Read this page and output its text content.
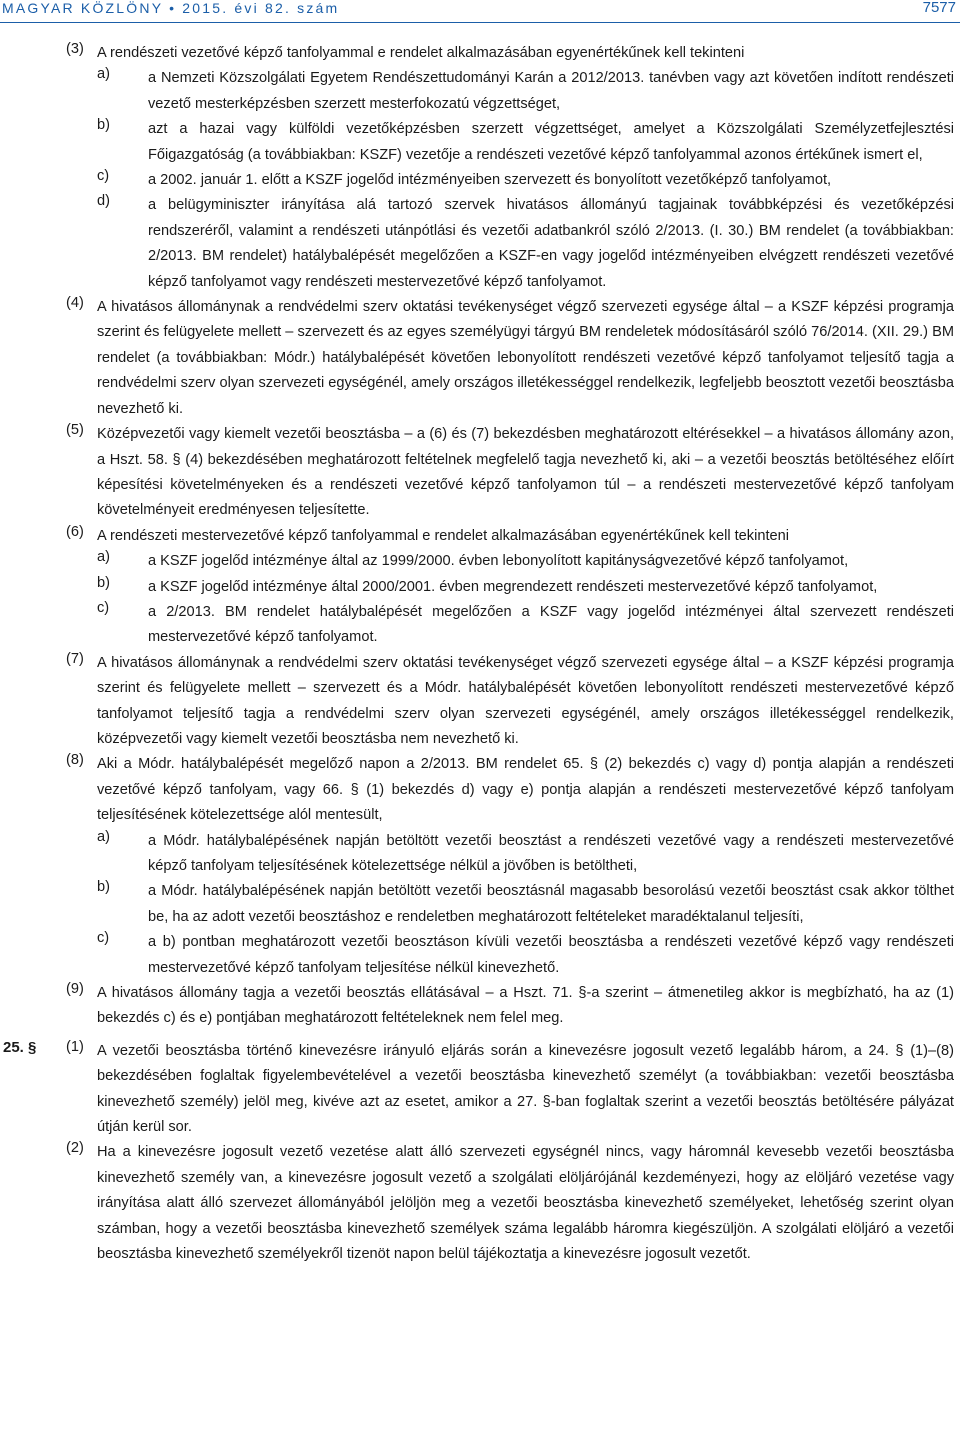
MAGYAR KÖZLÖNY • 2015. évi 82. szám	7577
(3) A rendészeti vezetővé képző tanfolyammal e rendelet alkalmazásában egyenértékűnek kell tekinteni
a)	a Nemzeti Közszolgálati Egyetem Rendészettudományi Karán a 2012/2013. tanévben vagy azt követően indított rendészeti vezető mesterképzésben szerzett mesterfokozatú végzettséget,
b)	azt a hazai vagy külföldi vezetőképzésben szerzett végzettséget, amelyet a Közszolgálati Személyzetfejlesztési Főigazgatóság (a továbbiakban: KSZF) vezetője a rendészeti vezetővé képző tanfolyammal azonos értékűnek ismert el,
c)	a 2002. január 1. előtt a KSZF jogelőd intézményeiben szervezett és bonyolított vezetőképző tanfolyamot,
d)	a belügyminiszter irányítása alá tartozó szervek hivatásos állományú tagjainak továbbképzési és vezetőképzési rendszeréről, valamint a rendészeti utánpótlási és vezetői adatbankról szóló 2/2013. (I. 30.) BM rendelet (a továbbiakban: 2/2013. BM rendelet) hatálybalépését megelőzően a KSZF-en vagy jogelőd intézményeiben elvégzett rendészeti vezetővé képző tanfolyamot vagy rendészeti mestervezetővé képző tanfolyamot.
(4) A hivatásos állománynak a rendvédelmi szerv oktatási tevékenységet végző szervezeti egysége által – a KSZF képzési programja szerint és felügyelete mellett – szervezett és az egyes személyügyi tárgyú BM rendeletek módosításáról szóló 76/2014. (XII. 29.) BM rendelet (a továbbiakban: Módr.) hatálybalépését követően lebonyolított rendészeti vezetővé képző tanfolyamot teljesítő tagja a rendvédelmi szerv olyan szervezeti egységénél, amely országos illetékességgel rendelkezik, legfeljebb beosztott vezetői beosztásba nevezhető ki.
(5) Középvezetői vagy kiemelt vezetői beosztásba – a (6) és (7) bekezdésben meghatározott eltérésekkel – a hivatásos állomány azon, a Hszt. 58. § (4) bekezdésében meghatározott feltételnek megfelelő tagja nevezhető ki, aki – a vezetői beosztás betöltéséhez előírt képesítési követelményeken és a rendészeti vezetővé képző tanfolyamon túl – a rendészeti mestervezetővé képző tanfolyam követelményeit eredményesen teljesítette.
(6) A rendészeti mestervezetővé képző tanfolyammal e rendelet alkalmazásában egyenértékűnek kell tekinteni
a)	a KSZF jogelőd intézménye által az 1999/2000. évben lebonyolított kapitányságvezetővé képző tanfolyamot,
b)	a KSZF jogelőd intézménye által 2000/2001. évben megrendezett rendészeti mestervezetővé képző tanfolyamot,
c)	a 2/2013. BM rendelet hatálybalépését megelőzően a KSZF vagy jogelőd intézményei által szervezett rendészeti mestervezetővé képző tanfolyamot.
(7) A hivatásos állománynak a rendvédelmi szerv oktatási tevékenységet végző szervezeti egysége által – a KSZF képzési programja szerint és felügyelete mellett – szervezett és a Módr. hatálybalépését követően lebonyolított rendészeti mestervezetővé képző tanfolyamot teljesítő tagja a rendvédelmi szerv olyan szervezeti egységénél, amely országos illetékességgel rendelkezik, középvezetői vagy kiemelt vezetői beosztásba nem nevezhető ki.
(8) Aki a Módr. hatálybalépését megelőző napon a 2/2013. BM rendelet 65. § (2) bekezdés c) vagy d) pontja alapján a rendészeti vezetővé képző tanfolyam, vagy 66. § (1) bekezdés d) vagy e) pontja alapján a rendészeti mestervezetővé képző tanfolyam teljesítésének kötelezettsége alól mentesült,
a)	a Módr. hatálybalépésének napján betöltött vezetői beosztást a rendészeti vezetővé vagy a rendészeti mestervezetővé képző tanfolyam teljesítésének kötelezettsége nélkül a jövőben is betöltheti,
b)	a Módr. hatálybalépésének napján betöltött vezetői beosztásnál magasabb besorolású vezetői beosztást csak akkor tölthet be, ha az adott vezetői beosztáshoz e rendeletben meghatározott feltételeket maradéktalanul teljesíti,
c)	a b) pontban meghatározott vezetői beosztáson kívüli vezetői beosztásba a rendészeti vezetővé képző vagy rendészeti mestervezetővé képző tanfolyam teljesítése nélkül kinevezhető.
(9) A hivatásos állomány tagja a vezetői beosztás ellátásával – a Hszt. 71. §-a szerint – átmenetileg akkor is megbízható, ha az (1) bekezdés c) és e) pontjában meghatározott feltételeknek nem felel meg.
25. § (1) A vezetői beosztásba történő kinevezésre irányuló eljárás során a kinevezésre jogosult vezető legalább három, a 24. § (1)–(8) bekezdésében foglaltak figyelembevételével a vezetői beosztásba kinevezhető személyt (a továbbiakban: vezetői beosztásba kinevezhető személy) jelöl meg, kivéve azt az esetet, amikor a 27. §-ban foglaltak szerint a vezetői beosztás betöltésére pályázat útján kerül sor.
(2) Ha a kinevezésre jogosult vezető vezetése alatt álló szervezeti egységnél nincs, vagy háromnál kevesebb vezetői beosztásba kinevezhető személy van, a kinevezésre jogosult vezető a szolgálati elöljárójánál kezdeményezi, hogy az elöljáró vezetése vagy irányítása alatt álló szervezet állományából jelöljön meg a vezetői beosztásba kinevezhető személyeket, lehetőség szerint olyan számban, hogy a vezetői beosztásba kinevezhető személyek száma legalább háromra kiegészüljön. A szolgálati elöljáró a vezetői beosztásba kinevezhető személyekről tizenöt napon belül tájékoztatja a kinevezésre jogosult vezetőt.
